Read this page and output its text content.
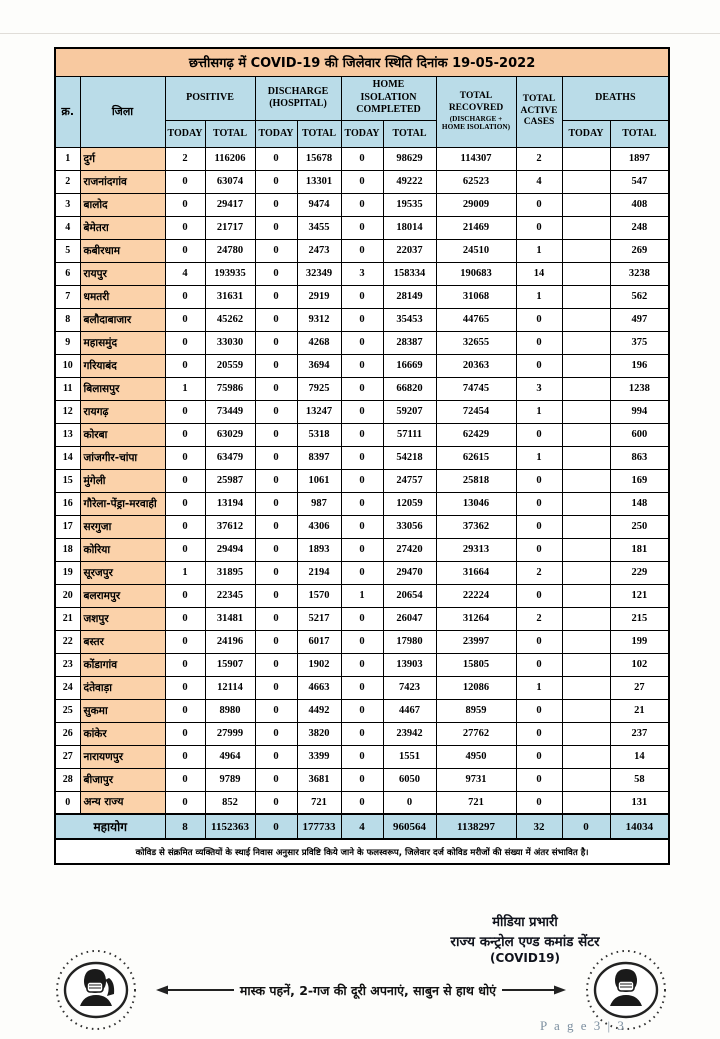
छत्तीसगढ़ में COVID-19 की जिलेवार स्थिति दिनांक 19-05-2022											
क्र.	जिला	POSITIVE		DISCHARGE (HOSPITAL)		HOME ISOLATION COMPLETED		TOTAL RECOVRED
(DISCHARGE + HOME ISOLATION)	TOTAL ACTIVE CASES	DEATHS	
		TODAY	TOTAL	TODAY	TOTAL	TODAY	TOTAL			TODAY	TOTAL
1	दुर्ग	2	116206	0	15678	0	98629	114307	2		1897
2	राजनांदगांव	0	63074	0	13301	0	49222	62523	4		547
3	बालोद	0	29417	0	9474	0	19535	29009	0		408
4	बेमेतरा	0	21717	0	3455	0	18014	21469	0		248
5	कबीरधाम	0	24780	0	2473	0	22037	24510	1		269
6	रायपुर	4	193935	0	32349	3	158334	190683	14		3238
7	धमतरी	0	31631	0	2919	0	28149	31068	1		562
8	बलौदाबाजार	0	45262	0	9312	0	35453	44765	0		497
9	महासमुंद	0	33030	0	4268	0	28387	32655	0		375
10	गरियाबंद	0	20559	0	3694	0	16669	20363	0		196
11	बिलासपुर	1	75986	0	7925	0	66820	74745	3		1238
12	रायगढ़	0	73449	0	13247	0	59207	72454	1		994
13	कोरबा	0	63029	0	5318	0	57111	62429	0		600
14	जांजगीर-चांपा	0	63479	0	8397	0	54218	62615	1		863
15	मुंगेली	0	25987	0	1061	0	24757	25818	0		169
16	गौरेला-पेंड्रा-मरवाही	0	13194	0	987	0	12059	13046	0		148
17	सरगुजा	0	37612	0	4306	0	33056	37362	0		250
18	कोरिया	0	29494	0	1893	0	27420	29313	0		181
19	सूरजपुर	1	31895	0	2194	0	29470	31664	2		229
20	बलरामपुर	0	22345	0	1570	1	20654	22224	0		121
21	जशपुर	0	31481	0	5217	0	26047	31264	2		215
22	बस्तर	0	24196	0	6017	0	17980	23997	0		199
23	कोंडागांव	0	15907	0	1902	0	13903	15805	0		102
24	दंतेवाड़ा	0	12114	0	4663	0	7423	12086	1		27
25	सुकमा	0	8980	0	4492	0	4467	8959	0		21
26	कांकेर	0	27999	0	3820	0	23942	27762	0		237
27	नारायणपुर	0	4964	0	3399	0	1551	4950	0		14
28	बीजापुर	0	9789	0	3681	0	6050	9731	0		58
0	अन्य राज्य	0	852	0	721	0	0	721	0		131
महायोग		8	1152363	0	177733	4	960564	1138297	32	0	14034
कोविड से संक्रमित व्यक्तियों के स्थाई निवास अनुसार प्रविष्टि किये जाने के फलस्वरूप, जिलेवार दर्ज कोविड मरीजों की संख्या में अंतर संभावित है।											
मीडिया प्रभारी
राज्य कन्ट्रोल एण्ड कमांड सेंटर
(COVID19)
मास्क पहनें, 2-गज की दूरी अपनाएं, साबुन से हाथ धोएं
P a g e 3 | 3
